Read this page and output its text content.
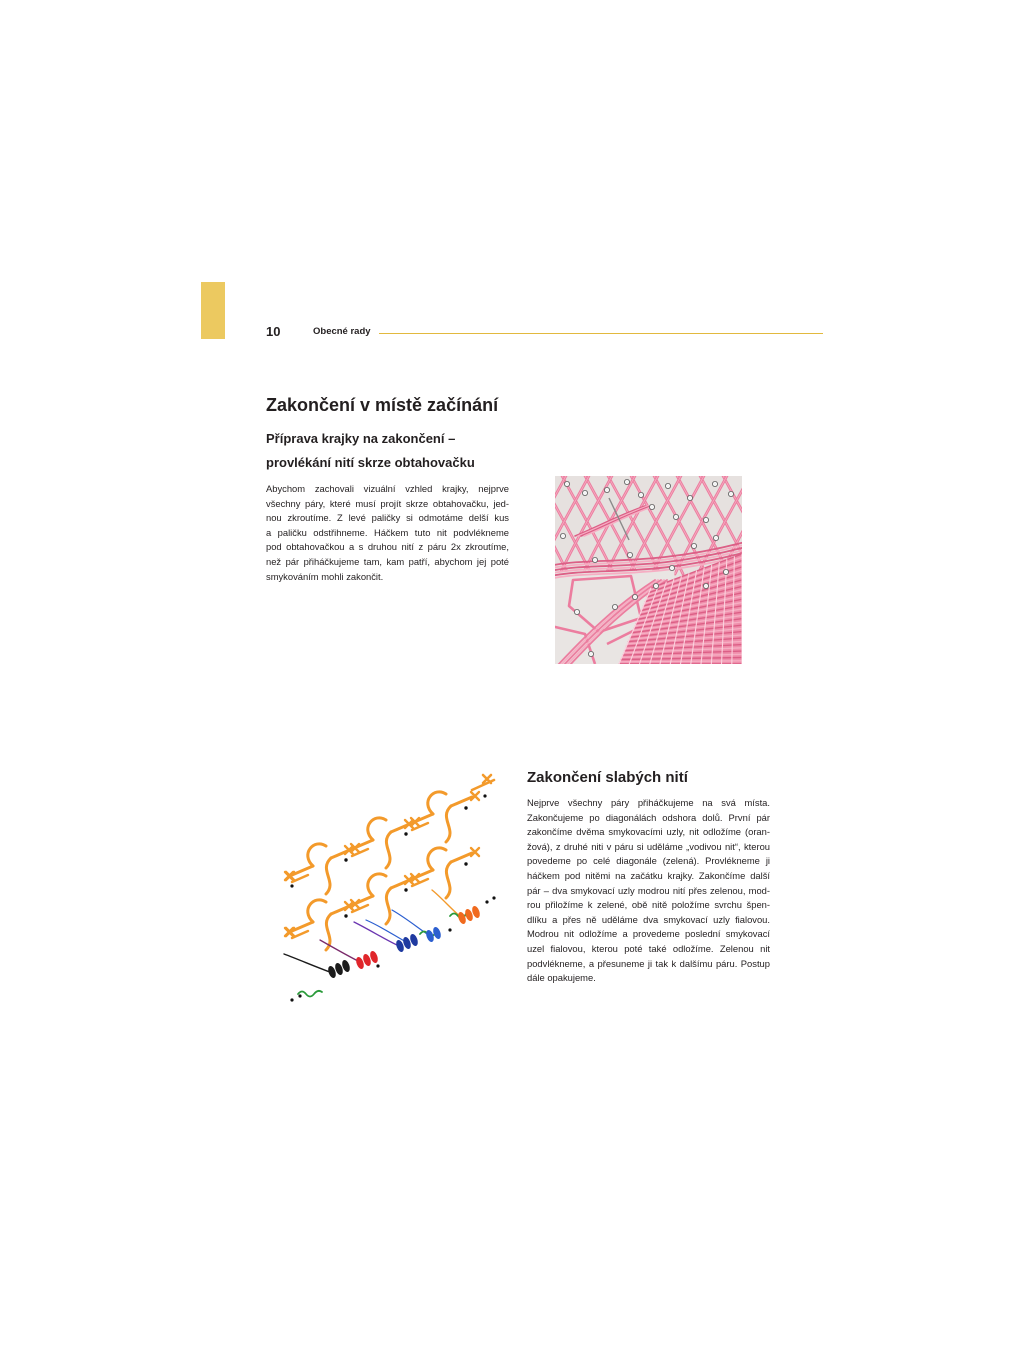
10	Obecné rady
Zakončení v místě začínání
Příprava krajky na zakončení –
provlékání nití skrze obtahovačku
Abychom zachovali vizuální vzhled krajky, nejprve
všechny páry, které musí projít skrze obtahovačku, jed-
nou zkroutíme. Z levé paličky si odmotáme delší kus
a paličku odstřihneme. Háčkem tuto nit podvlékneme
pod obtahovačkou a s druhou nití z páru 2x zkroutíme,
než pár přiháčkujeme tam, kam patří, abychom jej poté
smykováním mohli zakončit.
Zakončení slabých nití
Nejprve všechny páry přiháčkujeme na svá místa.
Zakončujeme po diagonálách odshora dolů. První pár
zakončíme dvěma smykovacími uzly, nit odložíme (oran-
žová), z druhé niti v páru si uděláme „vodivou nit“, kterou
povedeme po celé diagonále (zelená). Provlékneme ji
háčkem pod nitěmi na začátku krajky. Zakončíme další
pár – dva smykovací uzly modrou nití přes zelenou, mod-
rou přiložíme k zelené, obě nitě položíme svrchu špen-
dlíku a přes ně uděláme dva smykovací uzly fialovou.
Modrou nit odložíme a provedeme poslední smykovací
uzel fialovou, kterou poté také odložíme. Zelenou nit
podvlékneme, a přesuneme ji tak k dalšímu páru. Postup
dále opakujeme.
